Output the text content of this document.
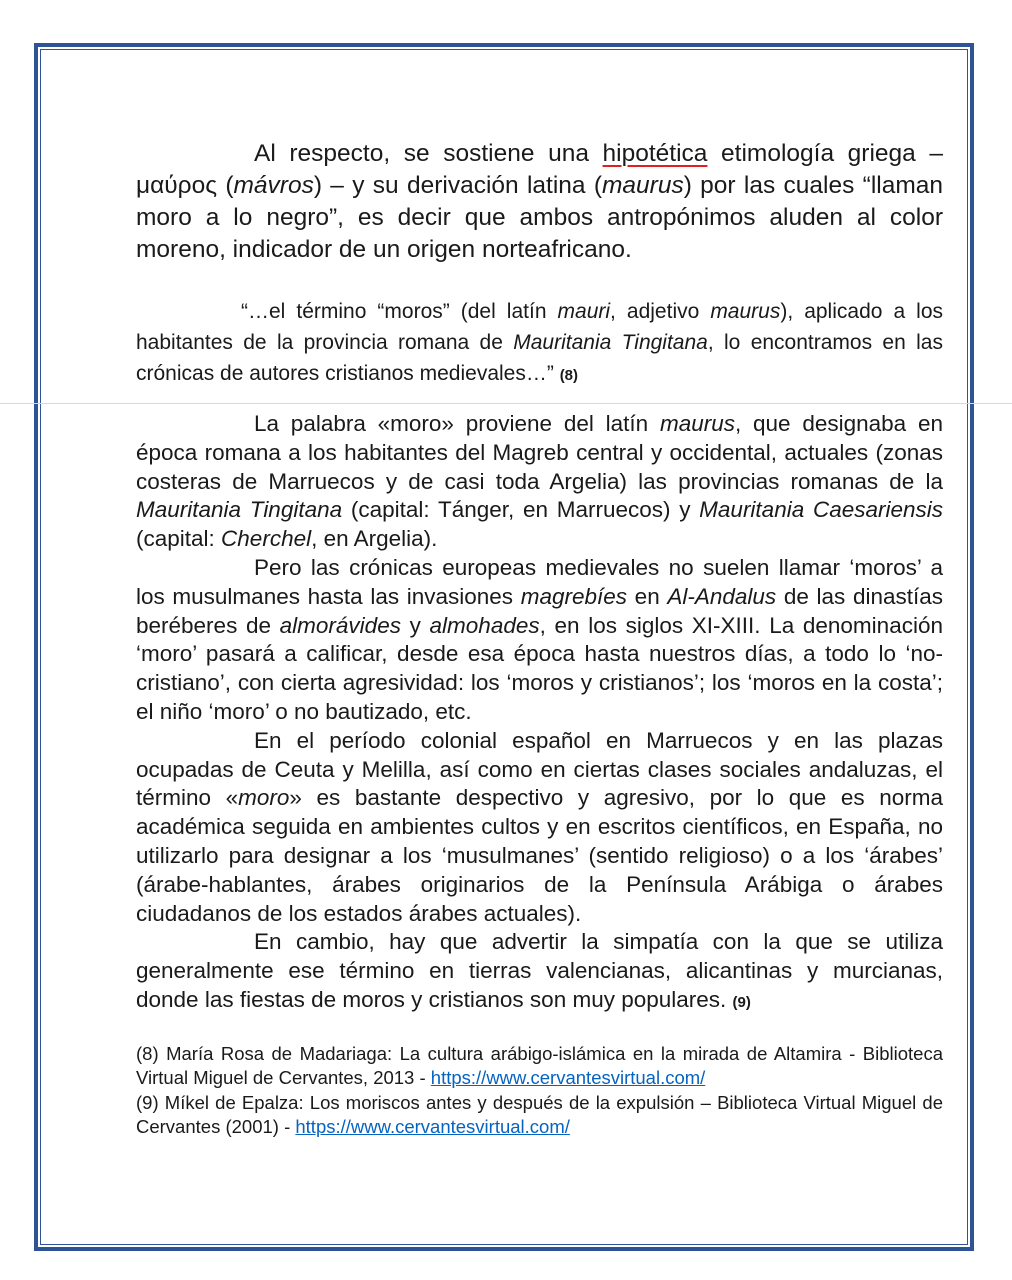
Al respecto, se sostiene una hipotética etimología griega – μαύρος (mávros) – y su derivación latina (maurus) por las cuales “llaman moro a lo negro”, es decir que ambos antropónimos aluden al color moreno, indicador de un origen norteafricano.

“…el término “moros” (del latín mauri, adjetivo maurus), aplicado a los habitantes de la provincia romana de Mauritania Tingitana, lo encontramos en las crónicas de autores cristianos medievales…” (8)

La palabra «moro» proviene del latín maurus, que designaba en época romana a los habitantes del Magreb central y occidental, actuales (zonas costeras de Marruecos y de casi toda Argelia) las provincias romanas de la Mauritania Tingitana (capital: Tánger, en Marruecos) y Mauritania Caesariensis (capital: Cherchel, en Argelia).

Pero las crónicas europeas medievales no suelen llamar ‘moros’ a los musulmanes hasta las invasiones magrebíes en Al-Andalus de las dinastías beréberes de almorávides y almohades, en los siglos XI-XIII. La denominación ‘moro’ pasará a calificar, desde esa época hasta nuestros días, a todo lo ‘no-cristiano’, con cierta agresividad: los ‘moros y cristianos’; los ‘moros en la costa’; el niño ‘moro’ o no bautizado, etc.

En el período colonial español en Marruecos y en las plazas ocupadas de Ceuta y Melilla, así como en ciertas clases sociales andaluzas, el término «moro» es bastante despectivo y agresivo, por lo que es norma académica seguida en ambientes cultos y en escritos científicos, en España, no utilizarlo para designar a los ‘musulmanes’ (sentido religioso) o a los ‘árabes’ (árabe-hablantes, árabes originarios de la Península Arábiga o árabes ciudadanos de los estados árabes actuales).

En cambio, hay que advertir la simpatía con la que se utiliza generalmente ese término en tierras valencianas, alicantinas y murcianas, donde las fiestas de moros y cristianos son muy populares. (9)

(8) María Rosa de Madariaga: La cultura arábigo-islámica en la mirada de Altamira - Biblioteca Virtual Miguel de Cervantes, 2013 - https://www.cervantesvirtual.com/

(9) Míkel de Epalza: Los moriscos antes y después de la expulsión – Biblioteca Virtual Miguel de Cervantes (2001) - https://www.cervantesvirtual.com/
